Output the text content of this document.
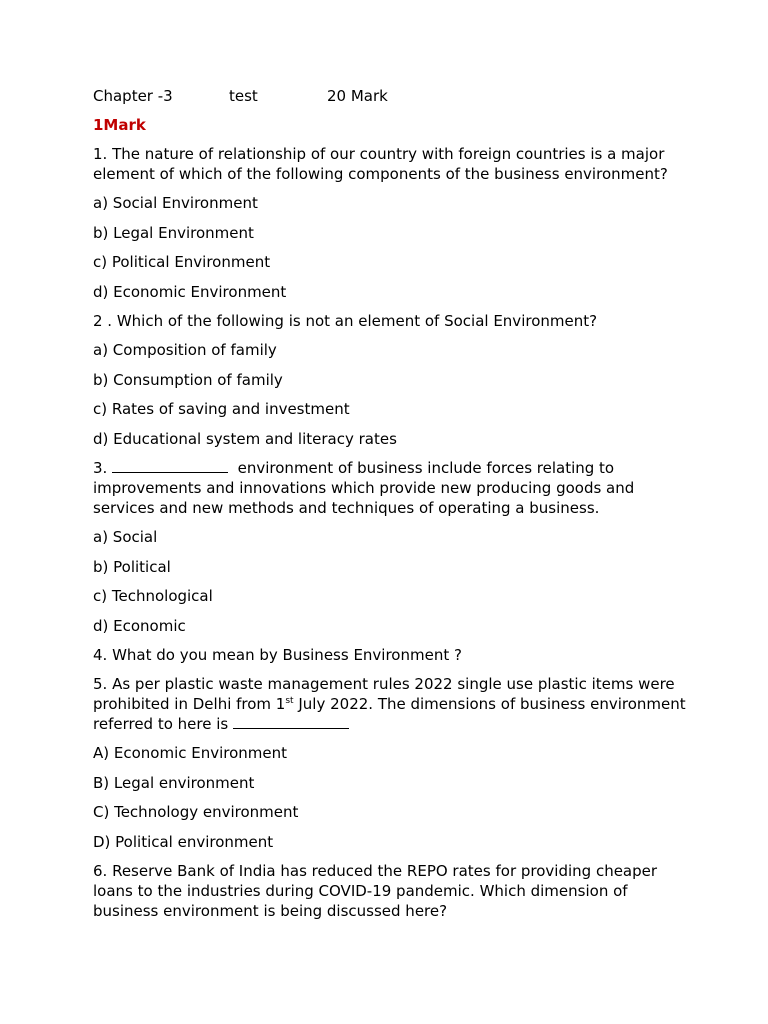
Chapter -3	test	20 Mark
1Mark

1. The nature of relationship of our country with foreign countries is a major element of which of the following components of the business environment?

a) Social Environment

b) Legal Environment

c) Political Environment

d) Economic Environment

2 . Which of the following is not an element of Social Environment?

a) Composition of family

b) Consumption of family

c) Rates of saving and investment

d) Educational system and literacy rates

3.	environment of business include forces relating to improvements and innovations which provide new producing goods and services and new methods and techniques of operating a business.

a) Social

b) Political

c) Technological

d) Economic

4. What do you mean by Business Environment ?

5. As per plastic waste management rules 2022 single use plastic items were prohibited in Delhi from 1st July 2022. The dimensions of business environment referred to here is

A) Economic Environment

B) Legal environment

C) Technology environment

D) Political environment

6. Reserve Bank of India has reduced the REPO rates for providing cheaper loans to the industries during COVID-19 pandemic. Which dimension of business environment is being discussed here?
